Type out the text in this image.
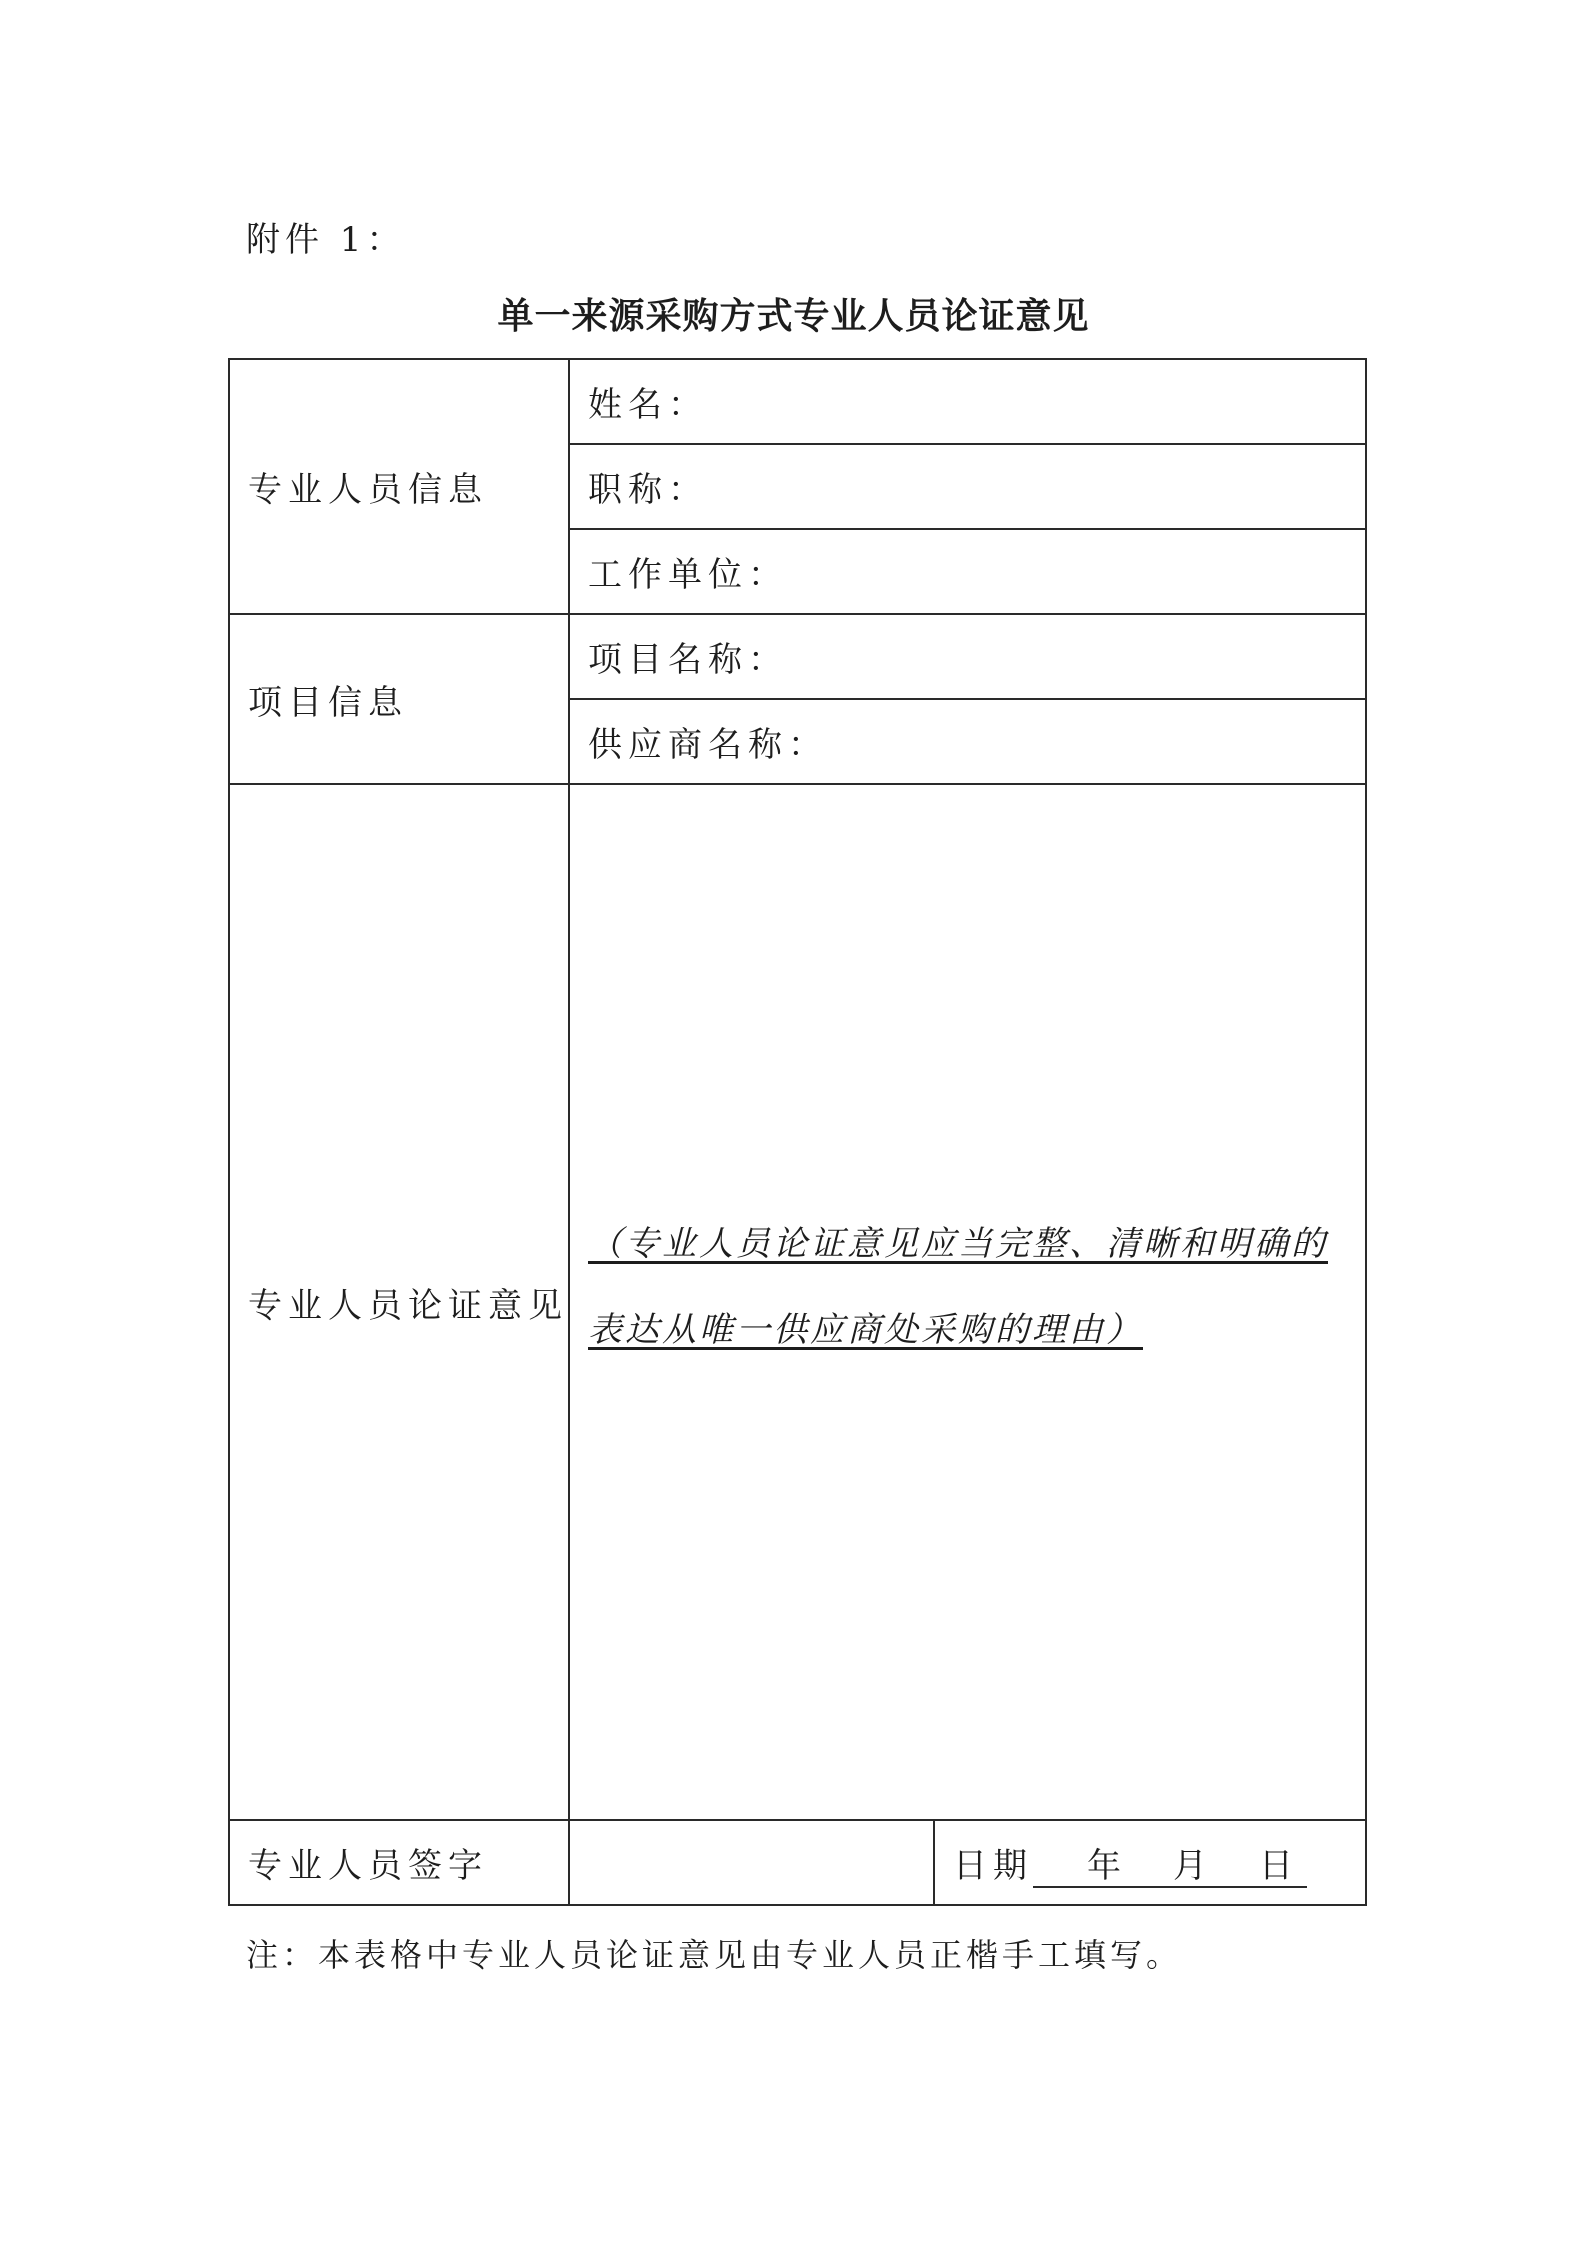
附件 1：
单一来源采购方式专业人员论证意见
专业人员信息	姓名：	
	职称：	
	工作单位：	
项目信息	项目名称：	
	供应商名称：	
专业人员论证意见	（专业人员论证意见应当完整、清晰和明确的
表达从唯一供应商处采购的理由）	

专业人员签字		日期 年 月 日
注：本表格中专业人员论证意见由专业人员正楷手工填写。
